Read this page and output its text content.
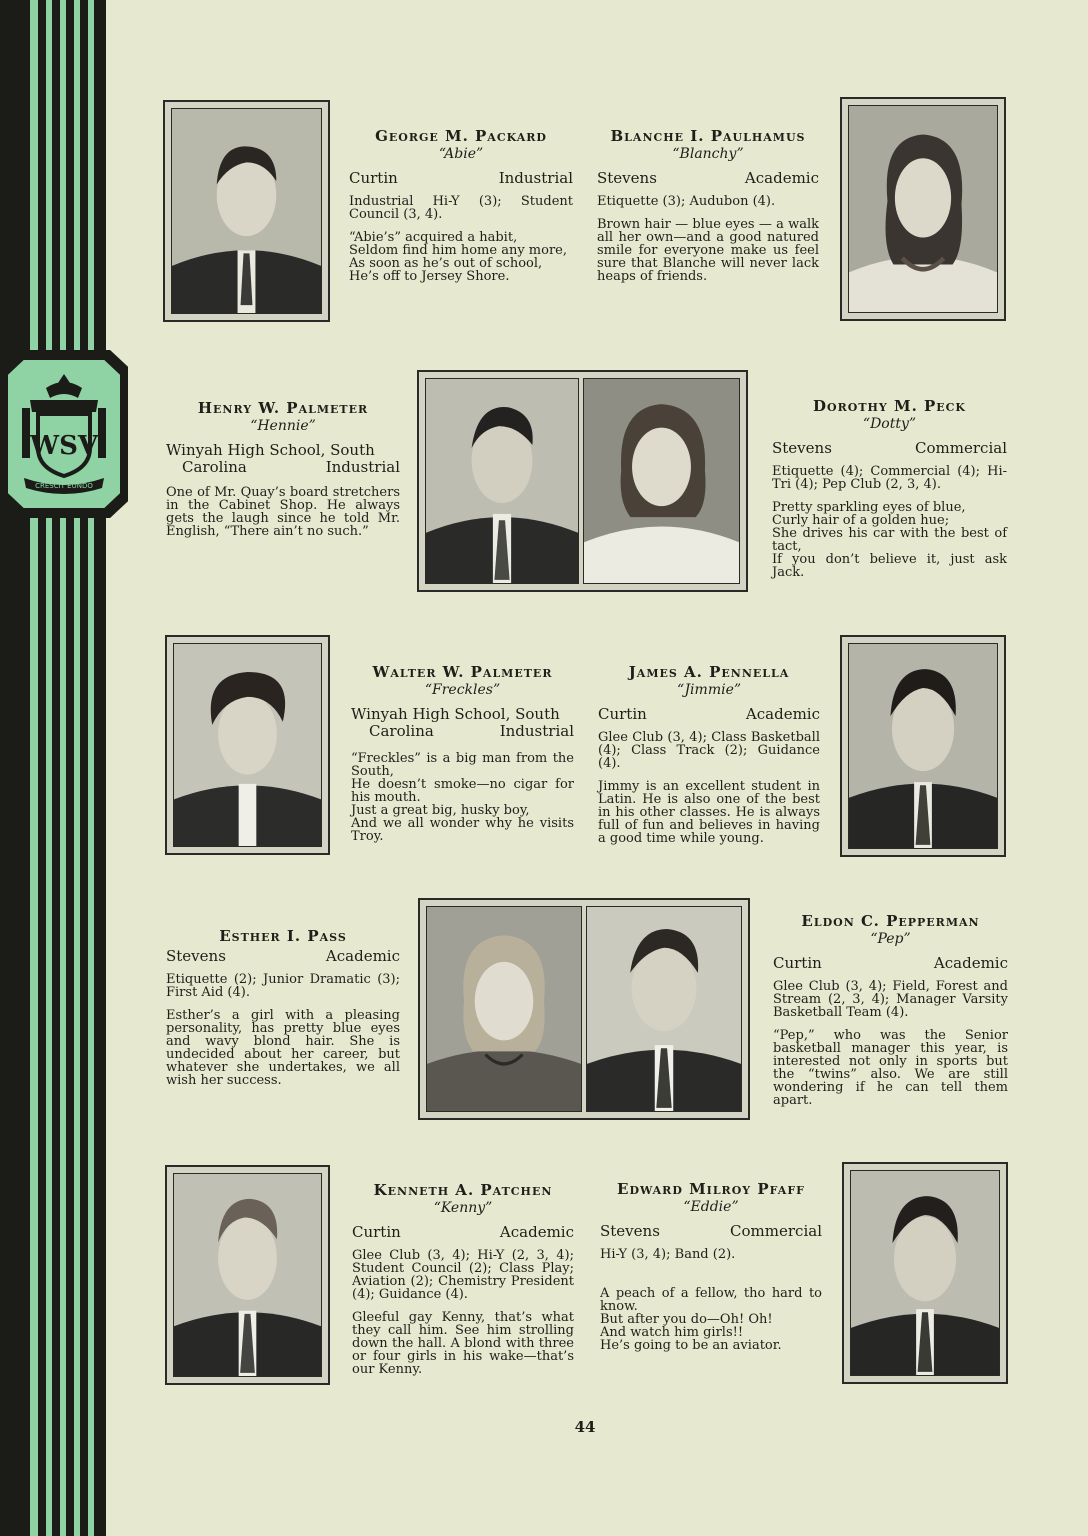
WSV
CRESCIT EUNDO
George M. Packard
“Abie”
Curtin	Industrial
Industrial Hi-Y (3); Student Council (3, 4).
“Abie’s” acquired a habit,
Seldom find him home any more,
As soon as he’s out of school,
He’s off to Jersey Shore.
Blanche I. Paulhamus
“Blanchy”
Stevens	Academic
Etiquette (3); Audubon (4).
Brown hair — blue eyes — a walk all her own—and a good natured smile for everyone make us feel sure that Blanche will never lack heaps of friends.
Henry W. Palmeter
“Hennie”
Winyah High School, South
Carolina	Industrial
One of Mr. Quay’s board stretchers in the Cabinet Shop. He always gets the laugh since he told Mr. English, “There ain’t no such.”
Dorothy M. Peck
“Dotty”
Stevens	Commercial
Etiquette (4); Commercial (4); Hi-Tri (4); Pep Club (2, 3, 4).
Pretty sparkling eyes of blue,
Curly hair of a golden hue;
She drives his car with the best of tact,
If you don’t believe it, just ask Jack.
Walter W. Palmeter
“Freckles”
Winyah High School, South
Carolina	Industrial
“Freckles” is a big man from the South,
He doesn’t smoke—no cigar for his mouth.
Just a great big, husky boy,
And we all wonder why he visits Troy.
James A. Pennella
“Jimmie”
Curtin	Academic
Glee Club (3, 4); Class Basketball (4); Class Track (2); Guidance (4).
Jimmy is an excellent student in Latin. He is also one of the best in his other classes. He is always full of fun and believes in having a good time while young.
Esther I. Pass
Stevens	Academic
Etiquette (2); Junior Dramatic (3); First Aid (4).
Esther’s a girl with a pleasing personality, has pretty blue eyes and wavy blond hair. She is undecided about her career, but whatever she undertakes, we all wish her success.
Eldon C. Pepperman
“Pep”
Curtin	Academic
Glee Club (3, 4); Field, Forest and Stream (2, 3, 4); Manager Varsity Basketball Team (4).
“Pep,” who was the Senior basketball manager this year, is interested not only in sports but the “twins” also. We are still wondering if he can tell them apart.
Kenneth A. Patchen
“Kenny”
Curtin	Academic
Glee Club (3, 4); Hi-Y (2, 3, 4); Student Council (2); Class Play; Aviation (2); Chemistry President (4); Guidance (4).
Gleeful gay Kenny, that’s what they call him. See him strolling down the hall. A blond with three or four girls in his wake—that’s our Kenny.
Edward Milroy Pfaff
“Eddie”
Stevens	Commercial
Hi-Y (3, 4); Band (2).
A peach of a fellow, tho hard to know.
But after you do—Oh! Oh!
And watch him girls!!
He’s going to be an aviator.
44
